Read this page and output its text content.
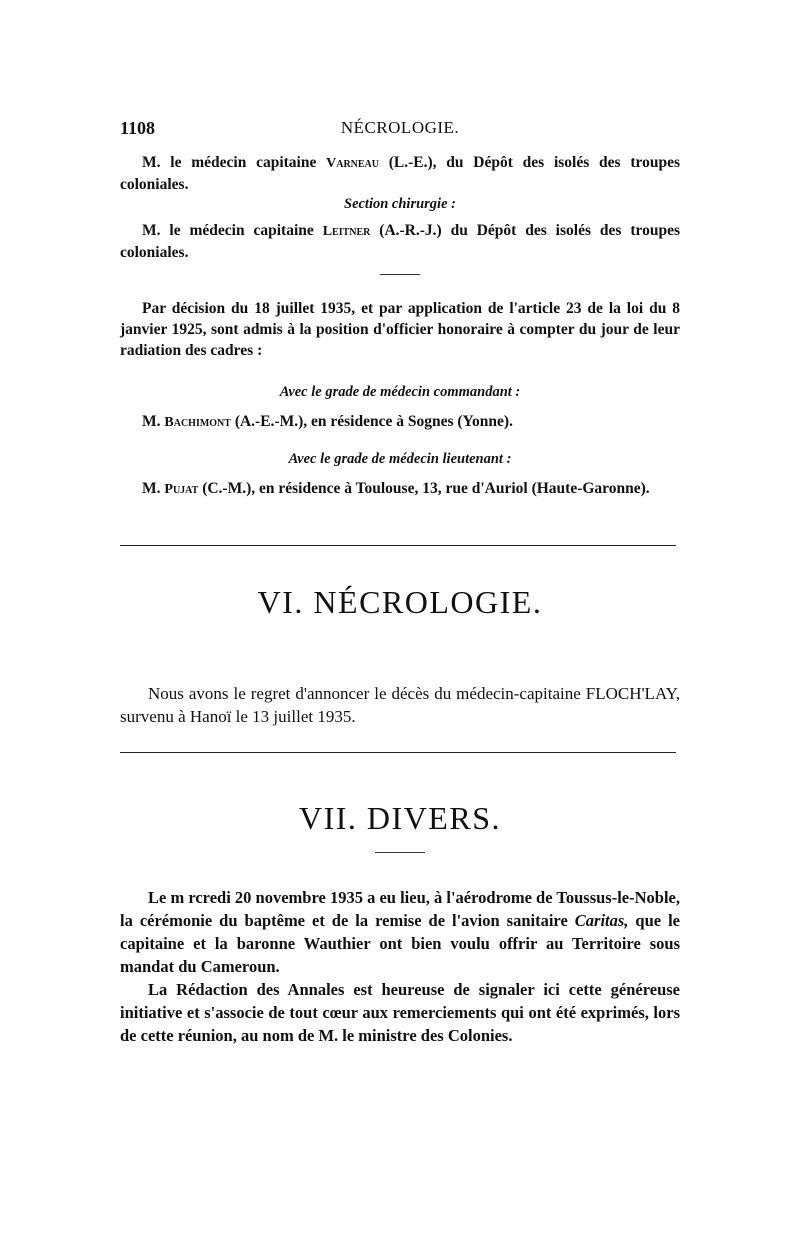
1108	NÉCROLOGIE.
M. le médecin capitaine Varneau (L.-E.), du Dépôt des isolés des troupes coloniales.
Section chirurgie :
M. le médecin capitaine Leitner (A.-R.-J.) du Dépôt des isolés des troupes coloniales.
Par décision du 18 juillet 1935, et par application de l'article 23 de la loi du 8 janvier 1925, sont admis à la position d'officier honoraire à compter du jour de leur radiation des cadres :
Avec le grade de médecin commandant :
M. Bachimont (A.-E.-M.), en résidence à Sognes (Yonne).
Avec le grade de médecin lieutenant :
M. Pujat (C.-M.), en résidence à Toulouse, 13, rue d'Auriol (Haute-Garonne).
VI. NÉCROLOGIE.

Nous avons le regret d'annoncer le décès du médecin-capitaine FLOCH'LAY, survenu à Hanoï le 13 juillet 1935.

VII. DIVERS.

Le m rcredi 20 novembre 1935 a eu lieu, à l'aérodrome de Toussus-le-Noble, la cérémonie du baptême et de la remise de l'avion sanitaire Caritas, que le capitaine et la baronne Wauthier ont bien voulu offrir au Territoire sous mandat du Cameroun.

La Rédaction des Annales est heureuse de signaler ici cette généreuse initiative et s'associe de tout cœur aux remerciements qui ont été exprimés, lors de cette réunion, au nom de M. le ministre des Colonies.
